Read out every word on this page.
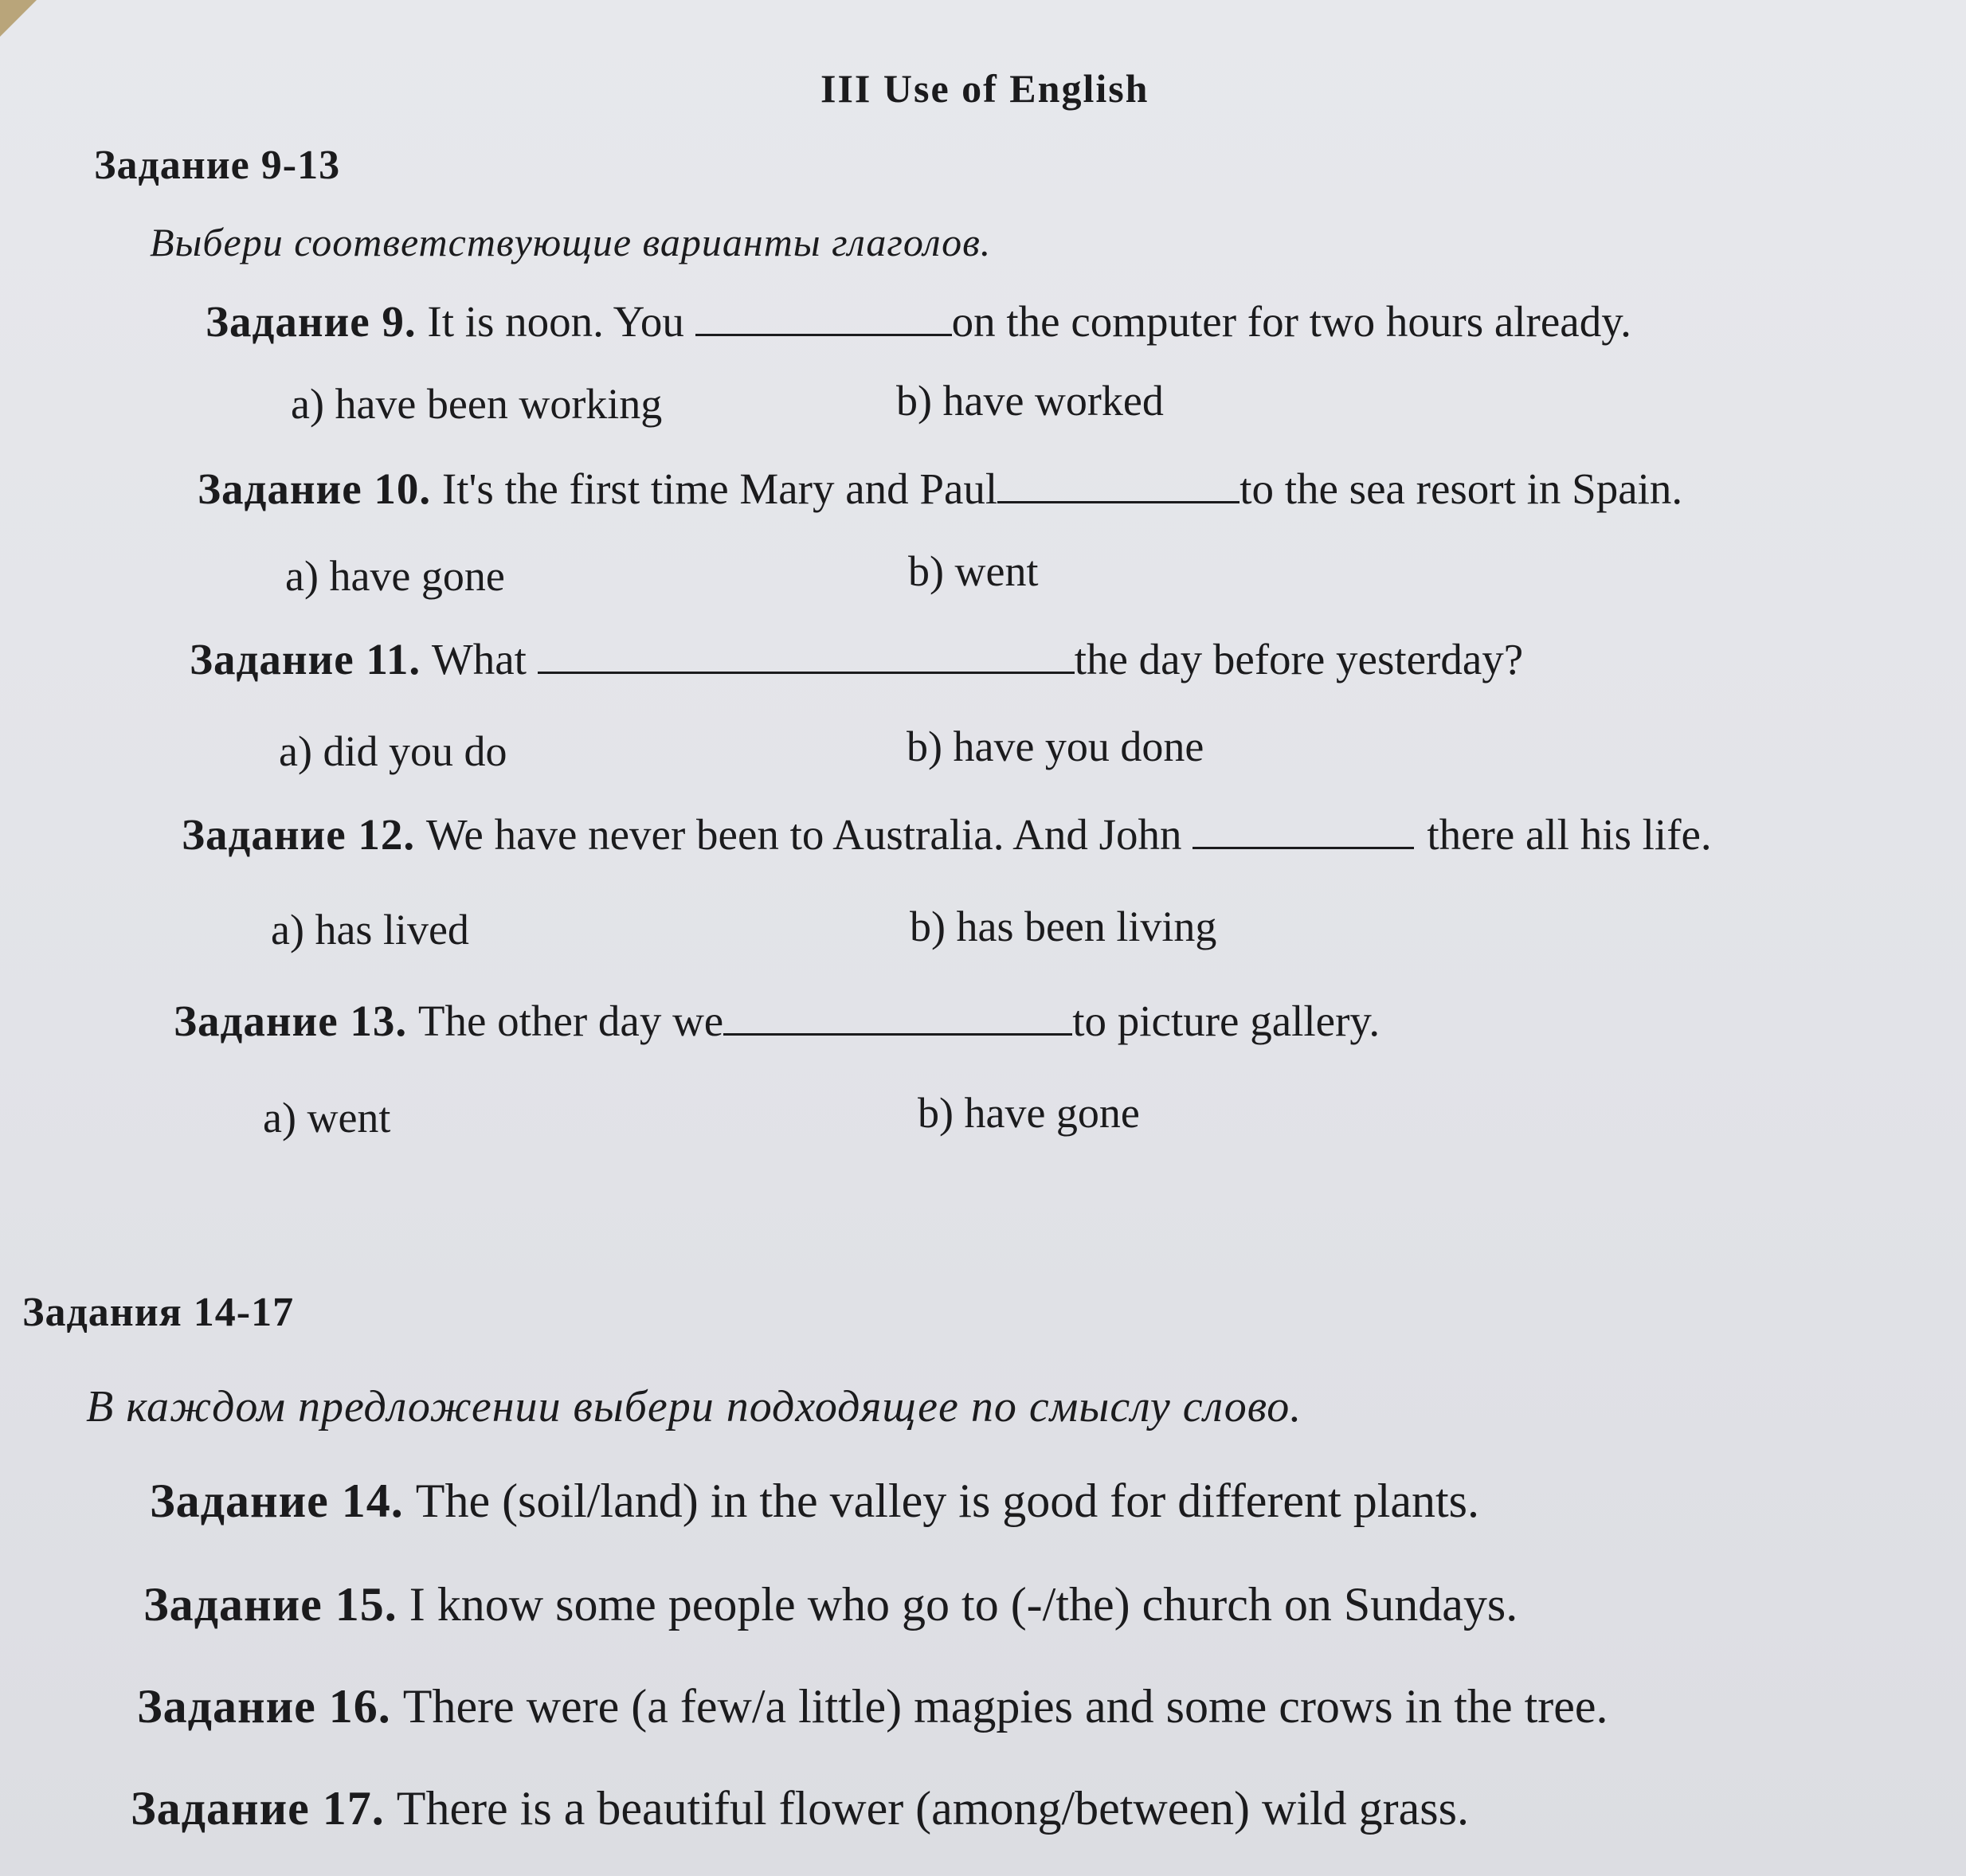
III Use of English
Задание 9-13
Выбери соответствующие варианты глаголов.
Задание 9. It is noon. You	on the computer for two hours already.
a) have been working	b) have worked
Задание 10. It's the first time Mary and Paul	to the sea resort in Spain.
a) have gone	b) went
Задание 11. What	the day before yesterday?
a) did you do	b) have you done
Задание 12. We have never been to Australia. And John	there all his life.
a) has lived	b) has been living
Задание 13. The other day we	to picture gallery.
a) went	b) have gone
Задания 14-17
В каждом предложении выбери подходящее по смыслу слово.
Задание 14. The (soil/land) in the valley is good for different plants.
Задание 15. I know some people who go to (-/the) church on Sundays.
Задание 16. There were (a few/a little) magpies and some crows in the tree.
Задание 17. There is a beautiful flower (among/between) wild grass.
